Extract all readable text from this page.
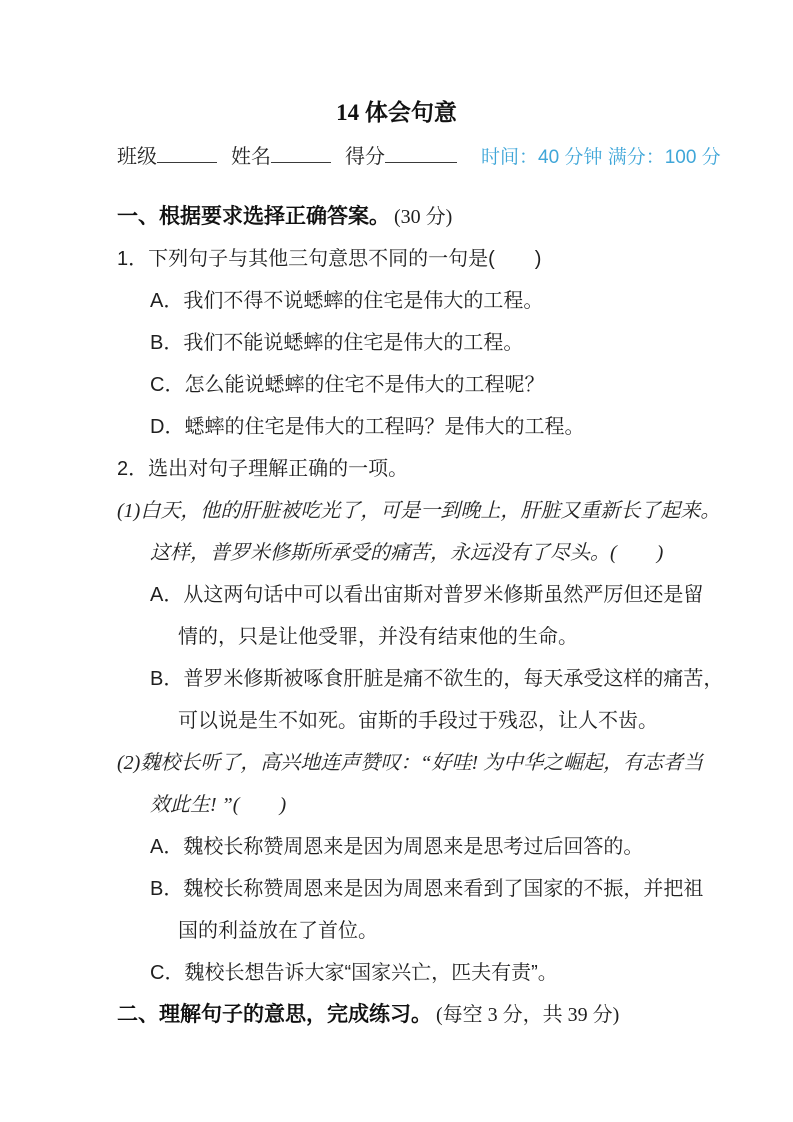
14 体会句意
班级	姓名	得分	时间：40 分钟 满分：100 分
一、根据要求选择正确答案。 (30 分)
1．下列句子与其他三句意思不同的一句是(　　)
A．我们不得不说蟋蟀的住宅是伟大的工程。
B．我们不能说蟋蟀的住宅是伟大的工程。
C．怎么能说蟋蟀的住宅不是伟大的工程呢？
D．蟋蟀的住宅是伟大的工程吗？是伟大的工程。
2．选出对句子理解正确的一项。
(1)白天，他的肝脏被吃光了，可是一到晚上，肝脏又重新长了起来。
这样，普罗米修斯所承受的痛苦，永远没有了尽头。(　　)
A．从这两句话中可以看出宙斯对普罗米修斯虽然严厉但还是留
情的，只是让他受罪，并没有结束他的生命。
B．普罗米修斯被啄食肝脏是痛不欲生的，每天承受这样的痛苦，
可以说是生不如死。宙斯的手段过于残忍，让人不齿。
(2)魏校长听了，高兴地连声赞叹：“好哇! 为中华之崛起，有志者当
效此生! ”(　　)
A．魏校长称赞周恩来是因为周恩来是思考过后回答的。
B．魏校长称赞周恩来是因为周恩来看到了国家的不振，并把祖
国的利益放在了首位。
C．魏校长想告诉大家“国家兴亡，匹夫有责”。
二、理解句子的意思，完成练习。 (每空 3 分，共 39 分)
